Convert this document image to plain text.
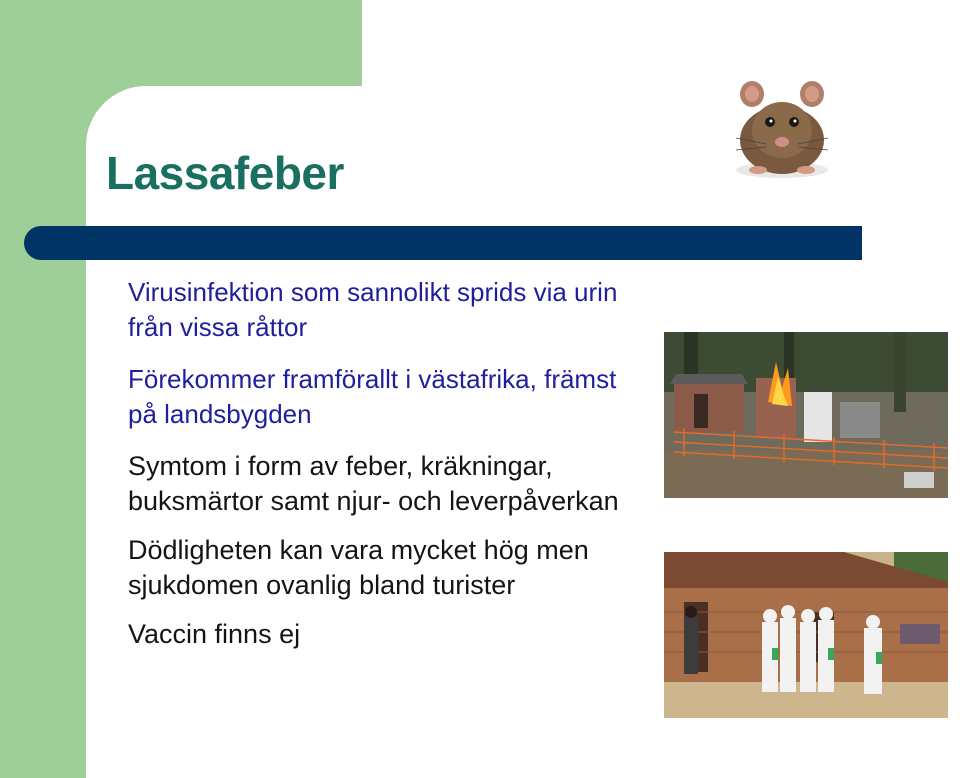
Lassafeber
Virusinfektion som sannolikt sprids via urin från vissa råttor
Förekommer framförallt i västafrika, främst på landsbygden
Symtom i form av feber, kräkningar, buksmärtor samt njur- och leverpåverkan
Dödligheten kan vara mycket hög men sjukdomen ovanlig bland turister
Vaccin finns ej
